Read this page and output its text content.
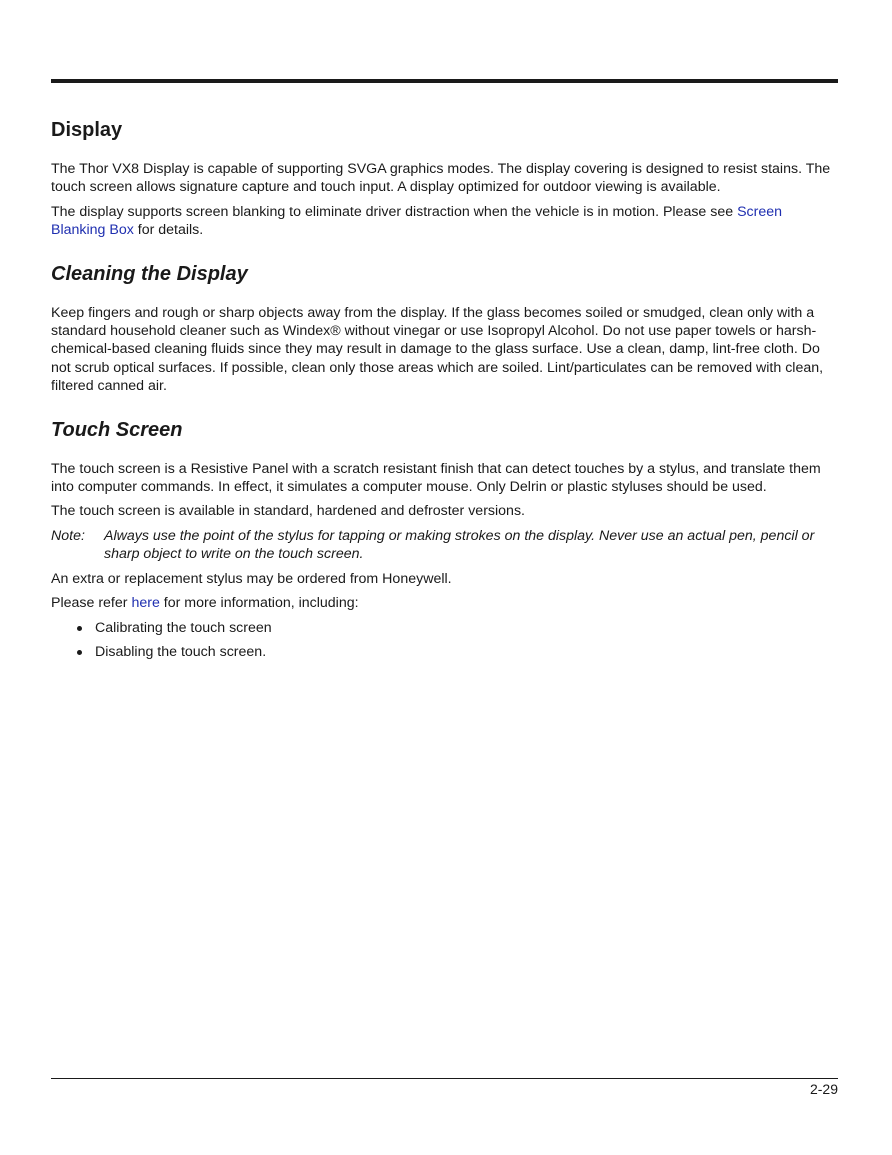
Display

The Thor VX8 Display is capable of supporting SVGA graphics modes. The display covering is designed to resist stains. The touch screen allows signature capture and touch input. A display optimized for outdoor viewing is available.

The display supports screen blanking to eliminate driver distraction when the vehicle is in motion. Please see Screen Blanking Box for details.

Cleaning the Display

Keep fingers and rough or sharp objects away from the display. If the glass becomes soiled or smudged, clean only with a standard household cleaner such as Windex® without vinegar or use Isopropyl Alcohol. Do not use paper towels or harsh-chemical-based cleaning fluids since they may result in damage to the glass surface. Use a clean, damp, lint-free cloth. Do not scrub optical surfaces. If possible, clean only those areas which are soiled. Lint/particulates can be removed with clean, filtered canned air.

Touch Screen

The touch screen is a Resistive Panel with a scratch resistant finish that can detect touches by a stylus, and translate them into computer commands. In effect, it simulates a computer mouse. Only Delrin or plastic styluses should be used.

The touch screen is available in standard, hardened and defroster versions.

Note:	Always use the point of the stylus for tapping or making strokes on the display. Never use an actual pen, pencil or sharp object to write on the touch screen.

An extra or replacement stylus may be ordered from Honeywell.

Please refer here for more information, including:

Calibrating the touch screen
Disabling the touch screen.
2-29
